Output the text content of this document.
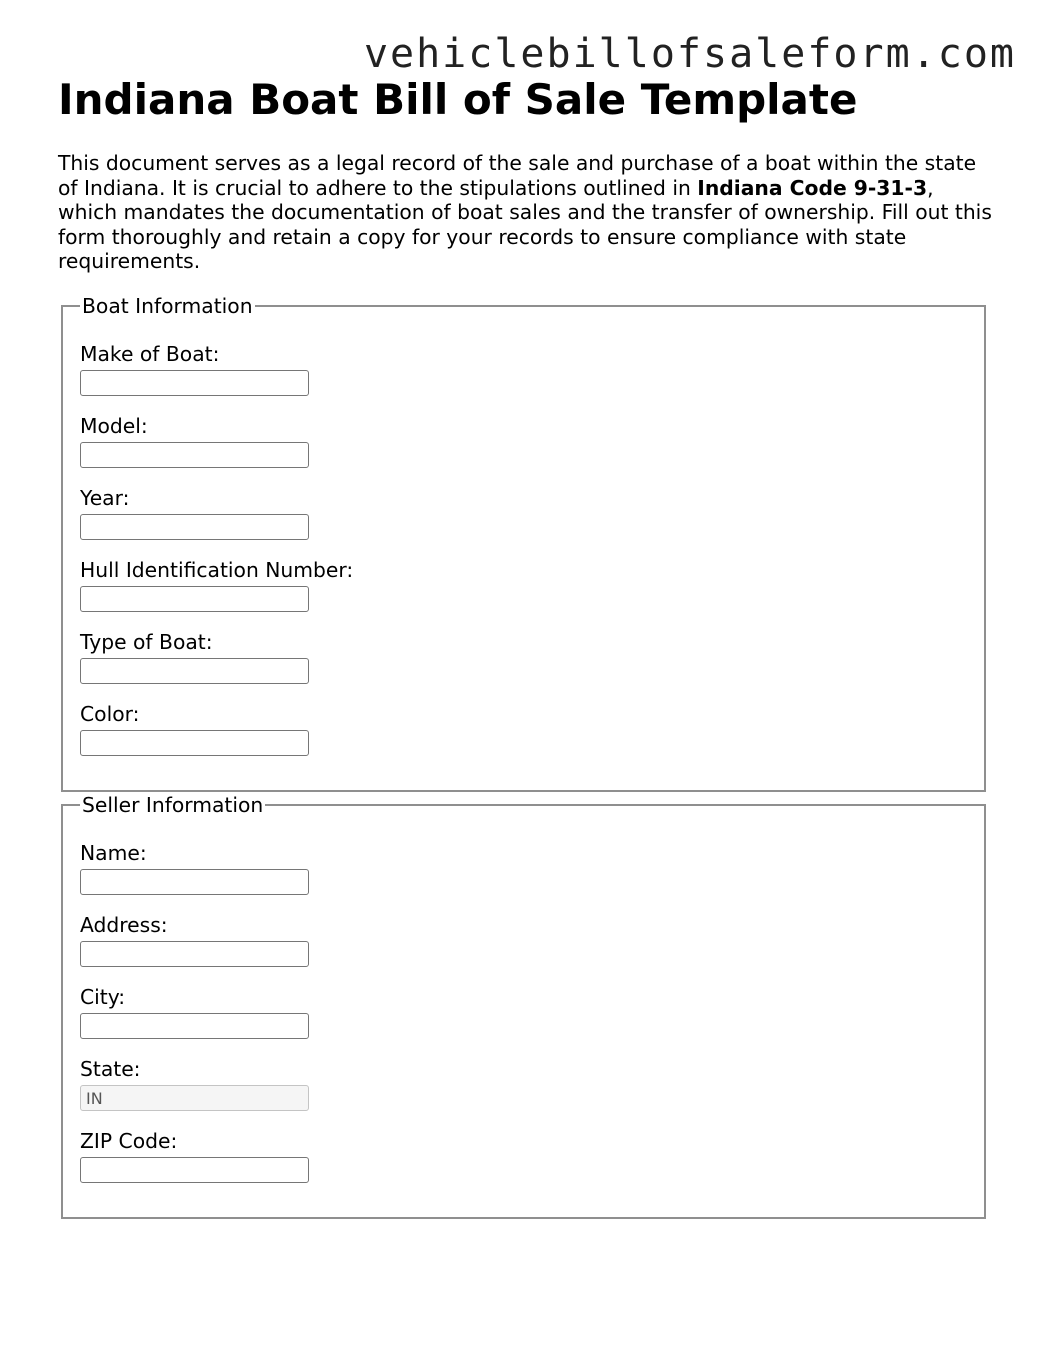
vehiclebillofsaleform.com
Indiana Boat Bill of Sale Template

This document serves as a legal record of the sale and purchase of a boat within the state of Indiana. It is crucial to adhere to the stipulations outlined in Indiana Code 9-31-3, which mandates the documentation of boat sales and the transfer of ownership. Fill out this form thoroughly and retain a copy for your records to ensure compliance with state requirements.

Boat Information
Make of Boat:
Model:
Year:
Hull Identification Number:
Type of Boat:
Color:
Seller Information
Name:
Address:
City:
State:
IN
ZIP Code:
